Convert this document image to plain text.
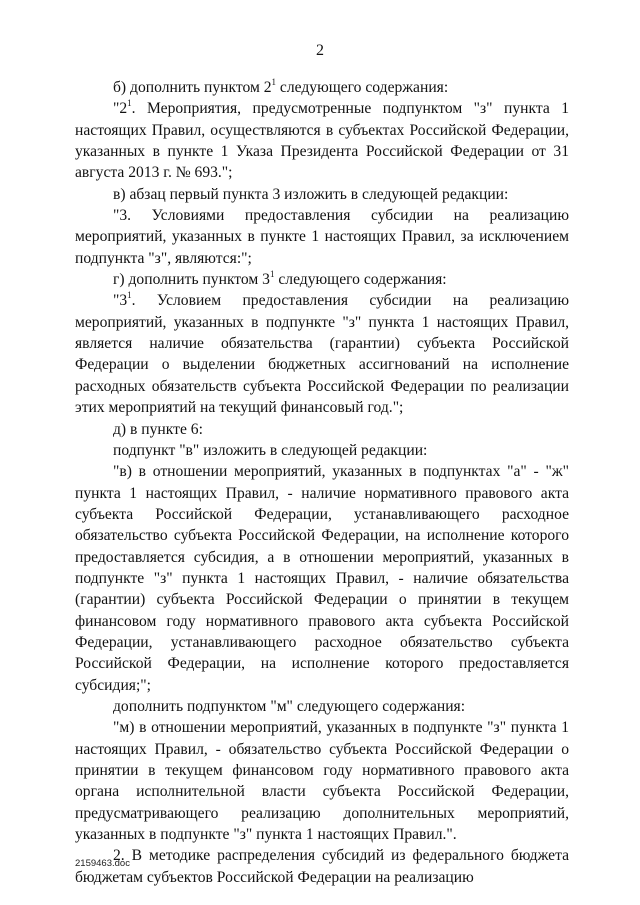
2

б) дополнить пунктом $2^1$ следующего содержания:

"$2^1$. Мероприятия, предусмотренные подпунктом "з" пункта 1 настоящих Правил, осуществляются в субъектах Российской Федерации, указанных в пункте 1 Указа Президента Российской Федерации от 31 августа 2013 г. № 693.";

в) абзац первый пункта 3 изложить в следующей редакции:

"3. Условиями предоставления субсидии на реализацию мероприятий, указанных в пункте 1 настоящих Правил, за исключением подпункта "з", являются:";

г) дополнить пунктом $3^1$ следующего содержания:

"$3^1$. Условием предоставления субсидии на реализацию мероприятий, указанных в подпункте "з" пункта 1 настоящих Правил, является наличие обязательства (гарантии) субъекта Российской Федерации о выделении бюджетных ассигнований на исполнение расходных обязательств субъекта Российской Федерации по реализации этих мероприятий на текущий финансовый год.";

д) в пункте 6:

подпункт "в" изложить в следующей редакции:

"в) в отношении мероприятий, указанных в подпунктах "а" - "ж" пункта 1 настоящих Правил, - наличие нормативного правового акта субъекта Российской Федерации, устанавливающего расходное обязательство субъекта Российской Федерации, на исполнение которого предоставляется субсидия, а в отношении мероприятий, указанных в подпункте "з" пункта 1 настоящих Правил, - наличие обязательства (гарантии) субъекта Российской Федерации о принятии в текущем финансовом году нормативного правового акта субъекта Российской Федерации, устанавливающего расходное обязательство субъекта Российской Федерации, на исполнение которого предоставляется субсидия;";

дополнить подпунктом "м" следующего содержания:

"м) в отношении мероприятий, указанных в подпункте "з" пункта 1 настоящих Правил, - обязательство субъекта Российской Федерации о принятии в текущем финансовом году нормативного правового акта органа исполнительной власти субъекта Российской Федерации, предусматривающего реализацию дополнительных мероприятий, указанных в подпункте "з" пункта 1 настоящих Правил.".

2. В методике распределения субсидий из федерального бюджета бюджетам субъектов Российской Федерации на реализацию

2159463.doc
